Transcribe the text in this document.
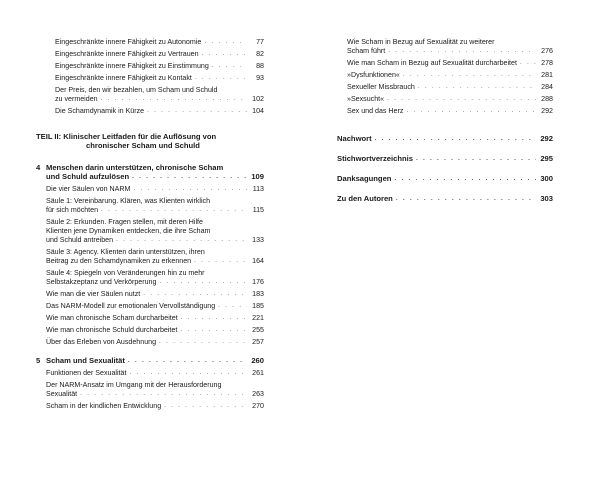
Eingeschränkte innere Fähigkeit zu Autonomie . . .	77
Eingeschränkte innere Fähigkeit zu Vertrauen . . .	82
Eingeschränkte innere Fähigkeit zu Einstimmung . . .	88
Eingeschränkte innere Fähigkeit zu Kontakt . . .	93
Der Preis, den wir bezahlen, um Scham und Schuld
zu vermeiden . . .	102
Die Schamdynamik in Kürze . . .	104
TEIL II: Klinischer Leitfaden für die Auflösung von
chronischer Scham und Schuld
4 Menschen darin unterstützen, chronische Scham
und Schuld aufzulösen . . .	109
Die vier Säulen von NARM . . .	113
Säule 1: Vereinbarung. Klären, was Klienten wirklich
für sich möchten . . .	115
Säule 2: Erkunden. Fragen stellen, mit deren Hilfe
Klienten jene Dynamiken entdecken, die ihre Scham
und Schuld antreiben . . .	133
Säule 3: Agency. Klienten darin unterstützen, ihren
Beitrag zu den Schamdynamiken zu erkennen . . .	164
Säule 4: Spiegeln von Veränderungen hin zu mehr
Selbstakzeptanz und Verkörperung . . .	176
Wie man die vier Säulen nutzt . . .	183
Das NARM-Modell zur emotionalen Vervollständigung . . .	185
Wie man chronische Scham durcharbeitet . . .	221
Wie man chronische Schuld durcharbeitet . . .	255
Über das Erleben von Ausdehnung . . .	257
5 Scham und Sexualität . . .	260
Funktionen der Sexualität . . .	261
Der NARM-Ansatz im Umgang mit der Herausforderung
Sexualität . . .	263
Scham in der kindlichen Entwicklung . . .	270
Wie Scham in Bezug auf Sexualität zu weiterer
Scham führt . . .	276
Wie man Scham in Bezug auf Sexualität durcharbeitet . . .	278
»Dysfunktionen« . . .	281
Sexueller Missbrauch . . .	284
»Sexsucht« . . .	288
Sex und das Herz . . .	292
Nachwort . . .	292
Stichwortverzeichnis . . .	295
Danksagungen . . .	300
Zu den Autoren . . .	303
